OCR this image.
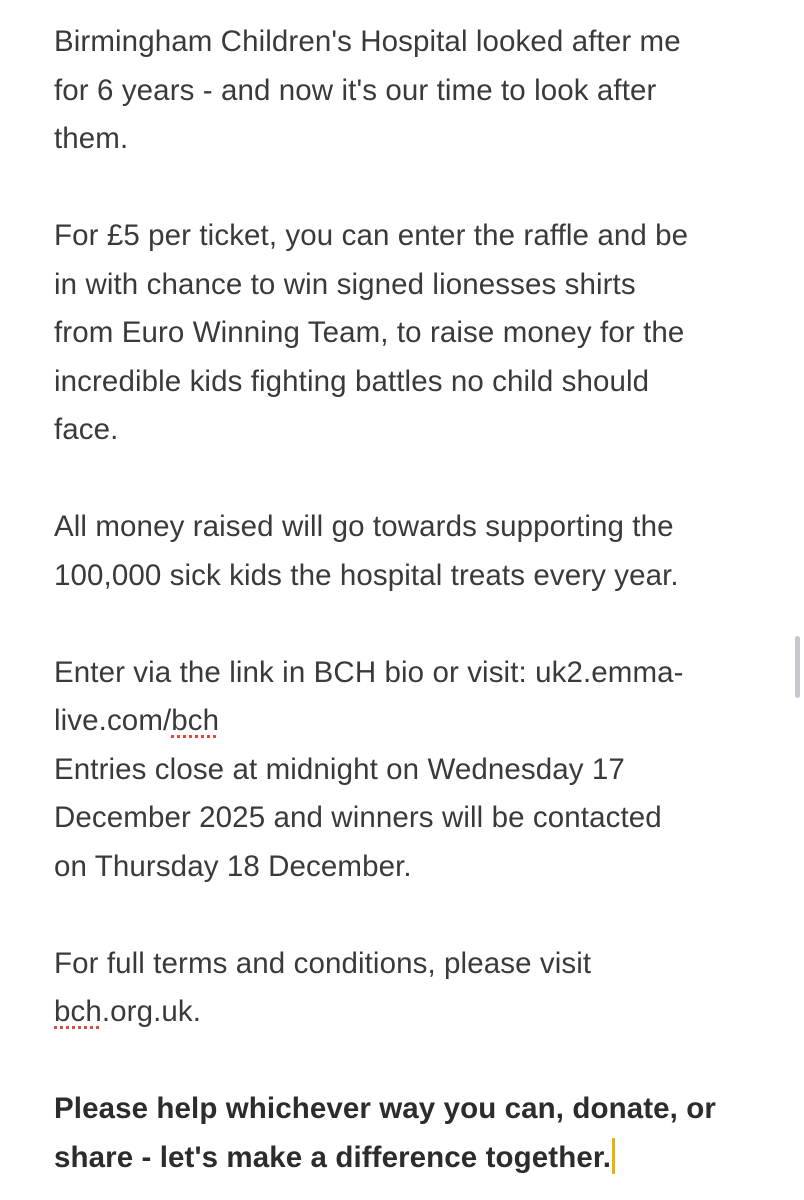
Birmingham Children's Hospital looked after me
for 6 years - and now it's our time to look after
them.

For £5 per ticket, you can enter the raffle and be
in with chance to win signed lionesses shirts
from Euro Winning Team, to raise money for the
incredible kids fighting battles no child should
face.

All money raised will go towards supporting the
100,000 sick kids the hospital treats every year.

Enter via the link in BCH bio or visit: uk2.emma-
live.com/bch
Entries close at midnight on Wednesday 17
December 2025 and winners will be contacted
on Thursday 18 December.

For full terms and conditions, please visit
bch.org.uk.

Please help whichever way you can, donate, or
share - let's make a difference together.
